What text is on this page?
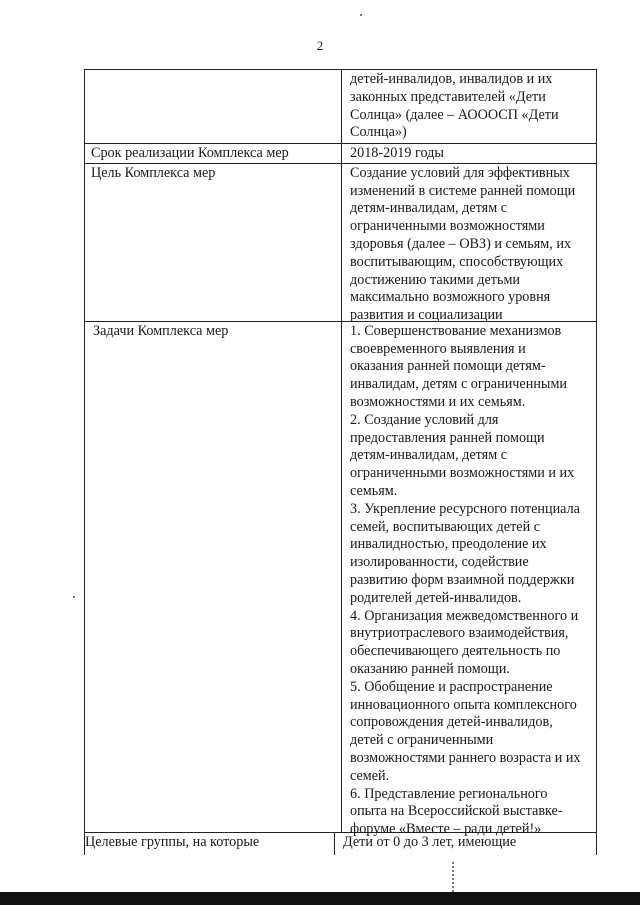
2
детей-инвалидов, инвалидов и их
законных представителей «Дети
Солнца» (далее – АОООСП «Дети
Солнца»)
Срок реализации Комплекса мер	2018-2019 годы
Цель Комплекса мер	Создание условий для эффективных
изменений в системе ранней помощи
детям-инвалидам, детям с
ограниченными возможностями
здоровья (далее – ОВЗ) и семьям, их
воспитывающим, способствующих
достижению такими детьми
максимально возможного уровня
развития и социализации
Задачи Комплекса мер	1. Совершенствование механизмов
своевременного выявления и
оказания ранней помощи детям-
инвалидам, детям с ограниченными
возможностями и их семьям.
2. Создание условий для
предоставления ранней помощи
детям-инвалидам, детям с
ограниченными возможностями и их
семьям.
3. Укрепление ресурсного потенциала
семей, воспитывающих детей с
инвалидностью, преодоление их
изолированности, содействие
развитию форм взаимной поддержки
родителей детей-инвалидов.
4. Организация межведомственного и
внутриотраслевого взаимодействия,
обеспечивающего деятельность по
оказанию ранней помощи.
5. Обобщение и распространение
инновационного опыта комплексного
сопровождения детей-инвалидов,
детей с ограниченными
возможностями раннего возраста и их
семей.
6. Представление регионального
опыта на Всероссийской выставке-
форуме «Вместе – ради детей!»
Целевые группы, на которые	Дети от 0 до 3 лет, имеющие
